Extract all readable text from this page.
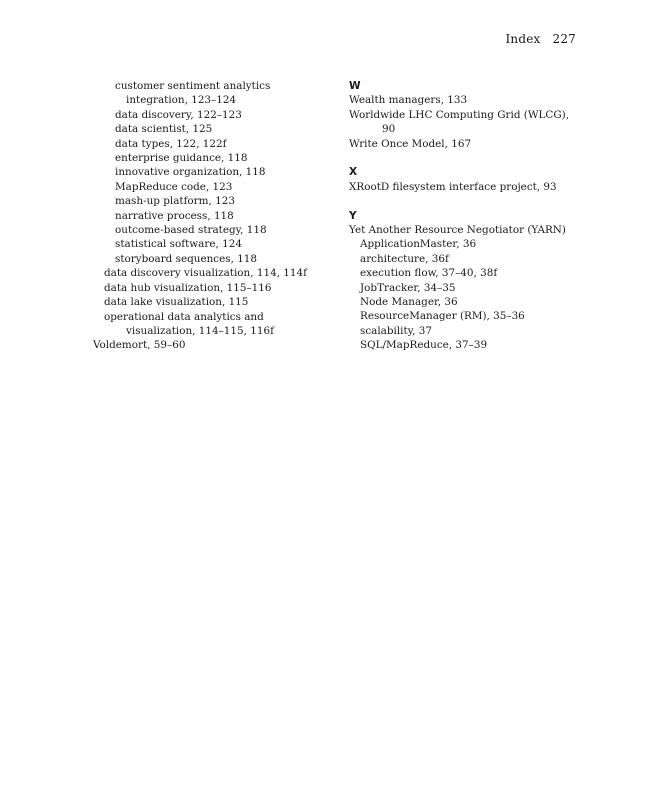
Index 227
customer sentiment analytics
integration, 123–124
data discovery, 122–123
data scientist, 125
data types, 122, 122f
enterprise guidance, 118
innovative organization, 118
MapReduce code, 123
mash-up platform, 123
narrative process, 118
outcome-based strategy, 118
statistical software, 124
storyboard sequences, 118
data discovery visualization, 114, 114f
data hub visualization, 115–116
data lake visualization, 115
operational data analytics and
visualization, 114–115, 116f
Voldemort, 59–60
W
Wealth managers, 133
Worldwide LHC Computing Grid (WLCG),
90
Write Once Model, 167
X
XRootD filesystem interface project, 93
Y
Yet Another Resource Negotiator (YARN)
ApplicationMaster, 36
architecture, 36f
execution flow, 37–40, 38f
JobTracker, 34–35
Node Manager, 36
ResourceManager (RM), 35–36
scalability, 37
SQL/MapReduce, 37–39
